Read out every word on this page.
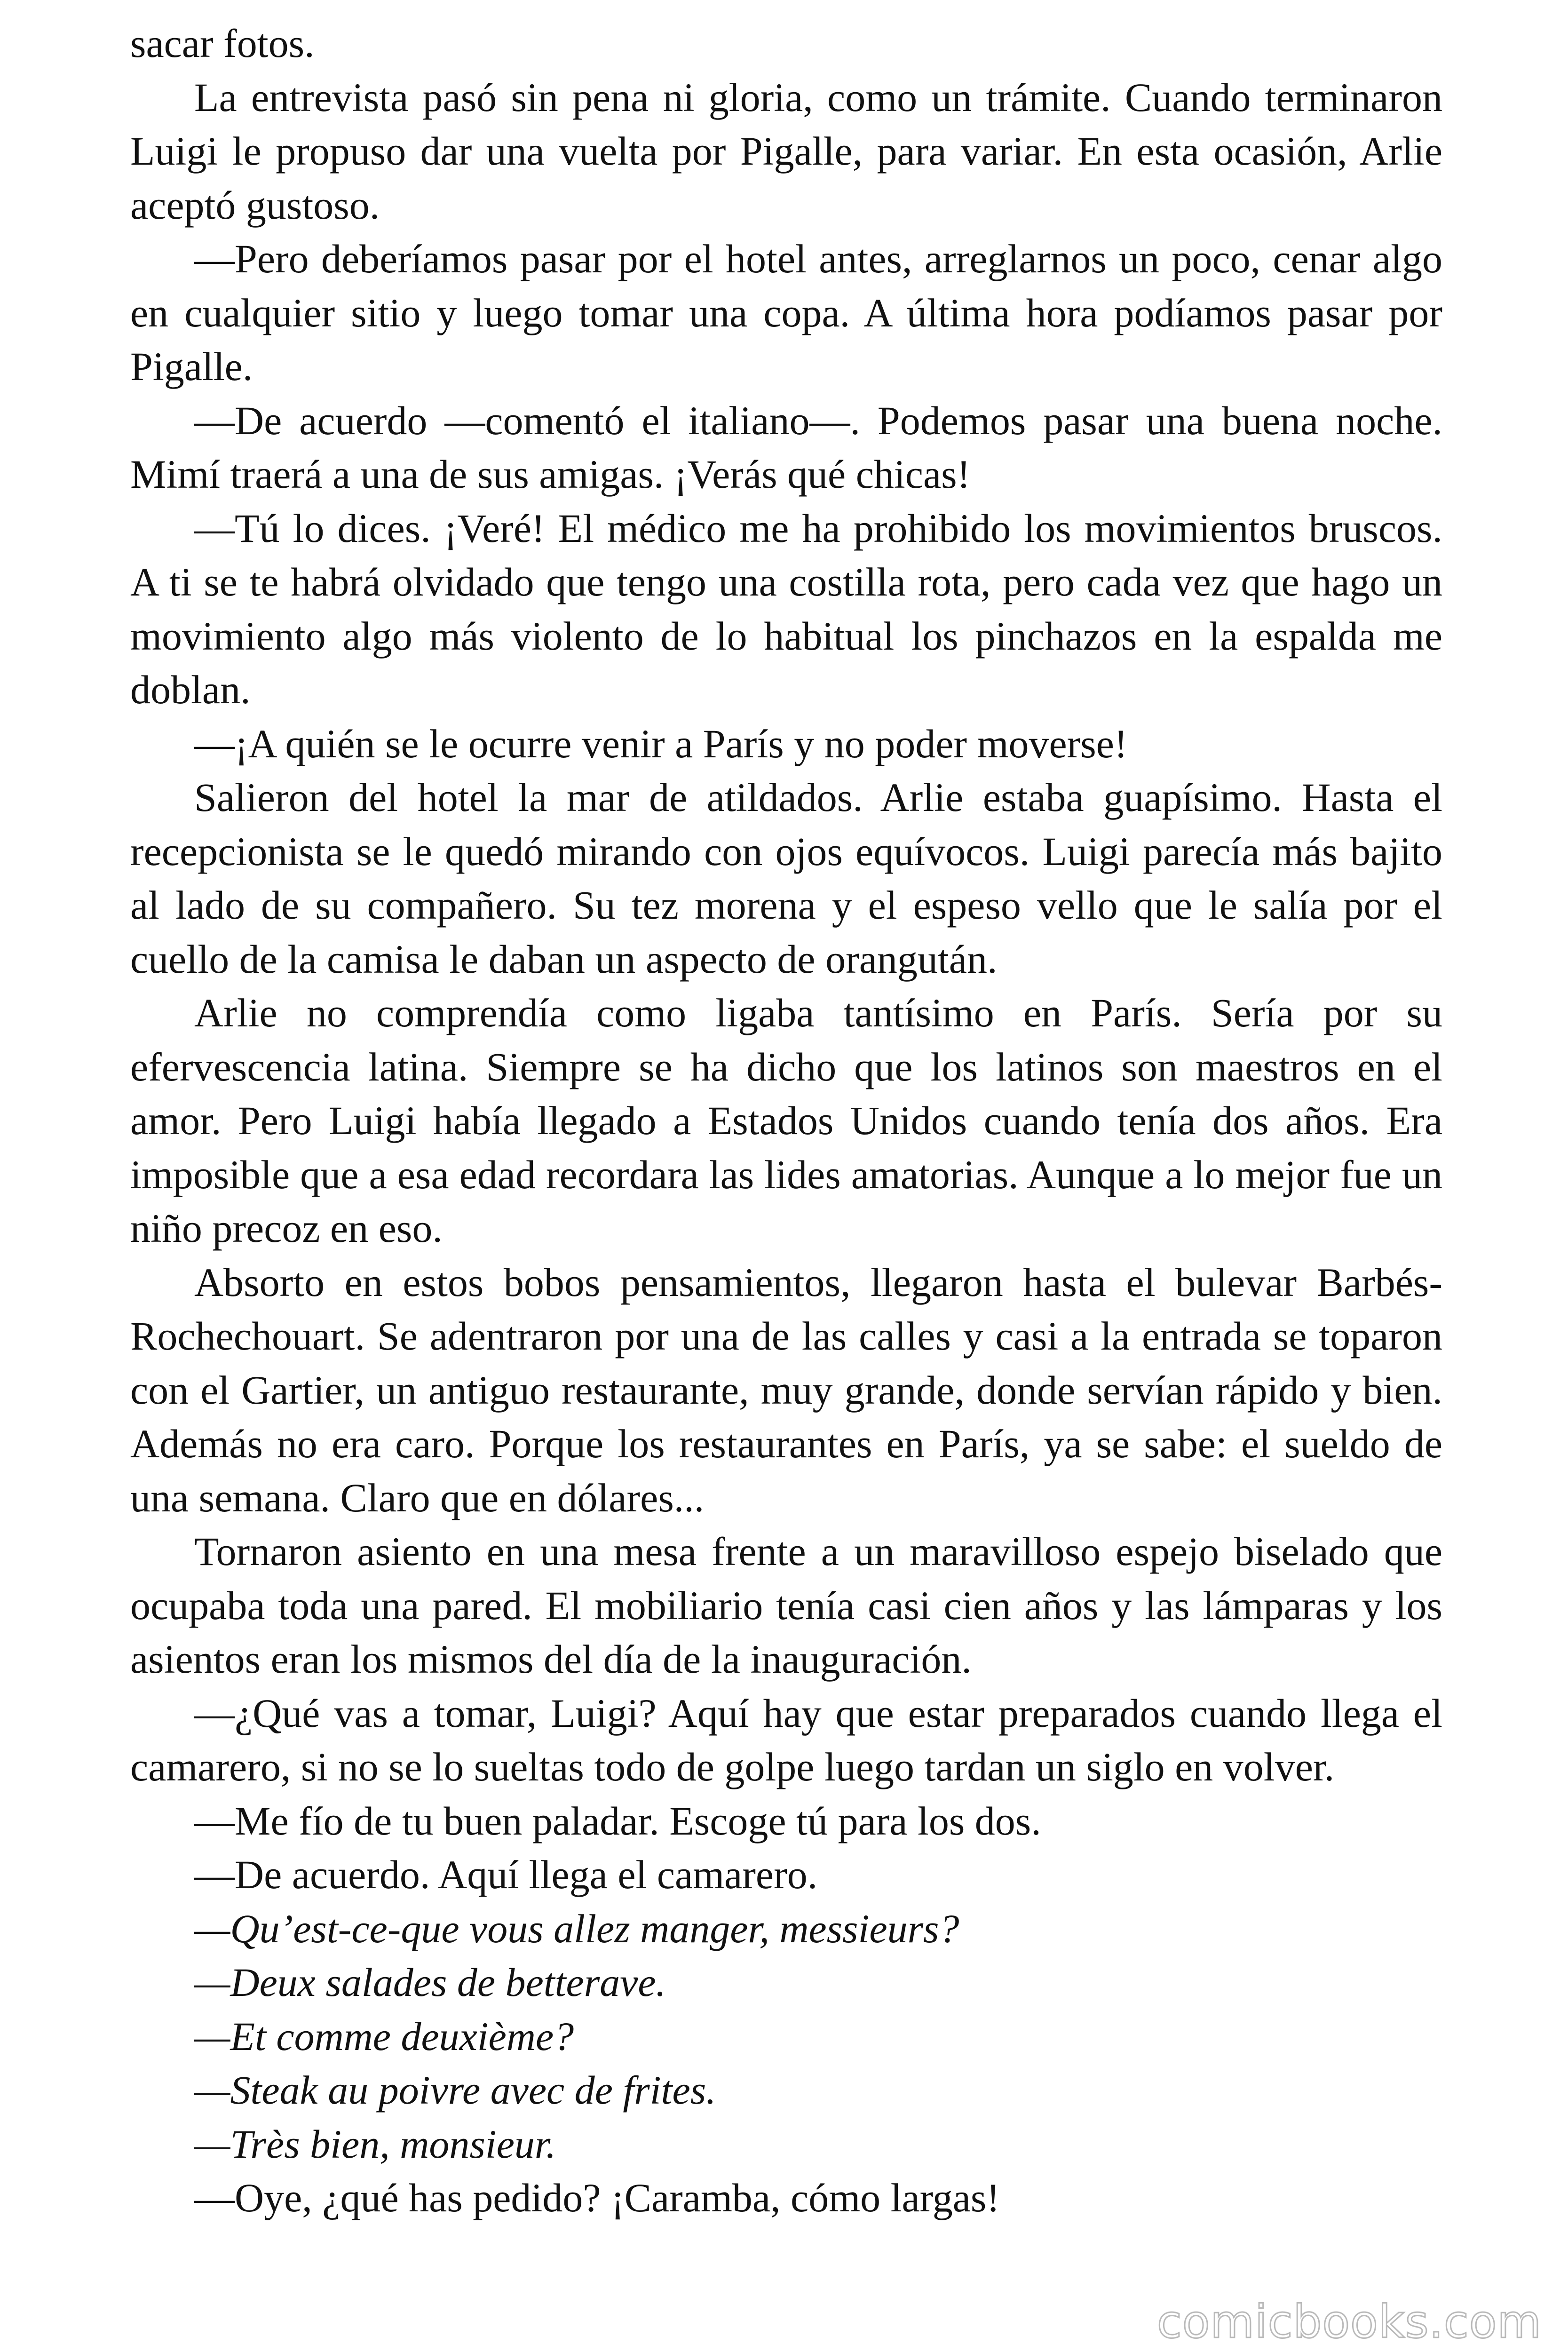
sacar fotos.

La entrevista pasó sin pena ni gloria, como un trámite. Cuando terminaron Luigi le propuso dar una vuelta por Pigalle, para variar. En esta ocasión, Arlie aceptó gustoso.

—Pero deberíamos pasar por el hotel antes, arreglarnos un poco, cenar algo en cualquier sitio y luego tomar una copa. A última hora podíamos pasar por Pigalle.

—De acuerdo —comentó el italiano—. Podemos pasar una buena noche. Mimí traerá a una de sus amigas. ¡Verás qué chicas!

—Tú lo dices. ¡Veré! El médico me ha prohibido los movimientos bruscos. A ti se te habrá olvidado que tengo una costilla rota, pero cada vez que hago un movimiento algo más violento de lo habitual los pinchazos en la espalda me doblan.

—¡A quién se le ocurre venir a París y no poder moverse!

Salieron del hotel la mar de atildados. Arlie estaba guapísimo. Hasta el recepcionista se le quedó mirando con ojos equívocos. Luigi parecía más bajito al lado de su compañero. Su tez morena y el espeso vello que le salía por el cuello de la camisa le daban un aspecto de orangután.

Arlie no comprendía como ligaba tantísimo en París. Sería por su efervescencia latina. Siempre se ha dicho que los latinos son maestros en el amor. Pero Luigi había llegado a Estados Unidos cuando tenía dos años. Era imposible que a esa edad recordara las lides amatorias. Aunque a lo mejor fue un niño precoz en eso.

Absorto en estos bobos pensamientos, llegaron hasta el bulevar Barbés-Rochechouart. Se adentraron por una de las calles y casi a la entrada se toparon con el Gartier, un antiguo restaurante, muy grande, donde servían rápido y bien. Además no era caro. Porque los restaurantes en París, ya se sabe: el sueldo de una semana. Claro que en dólares...

Tornaron asiento en una mesa frente a un maravilloso espejo biselado que ocupaba toda una pared. El mobiliario tenía casi cien años y las lámparas y los asientos eran los mismos del día de la inauguración.

—¿Qué vas a tomar, Luigi? Aquí hay que estar preparados cuando llega el camarero, si no se lo sueltas todo de golpe luego tardan un siglo en volver.

—Me fío de tu buen paladar. Escoge tú para los dos.

—De acuerdo. Aquí llega el camarero.

—Qu’est-ce-que vous allez manger, messieurs?

—Deux salades de betterave.

—Et comme deuxième?

—Steak au poivre avec de frites.

—Très bien, monsieur.

—Oye, ¿qué has pedido? ¡Caramba, cómo largas!

comicbooks.com
